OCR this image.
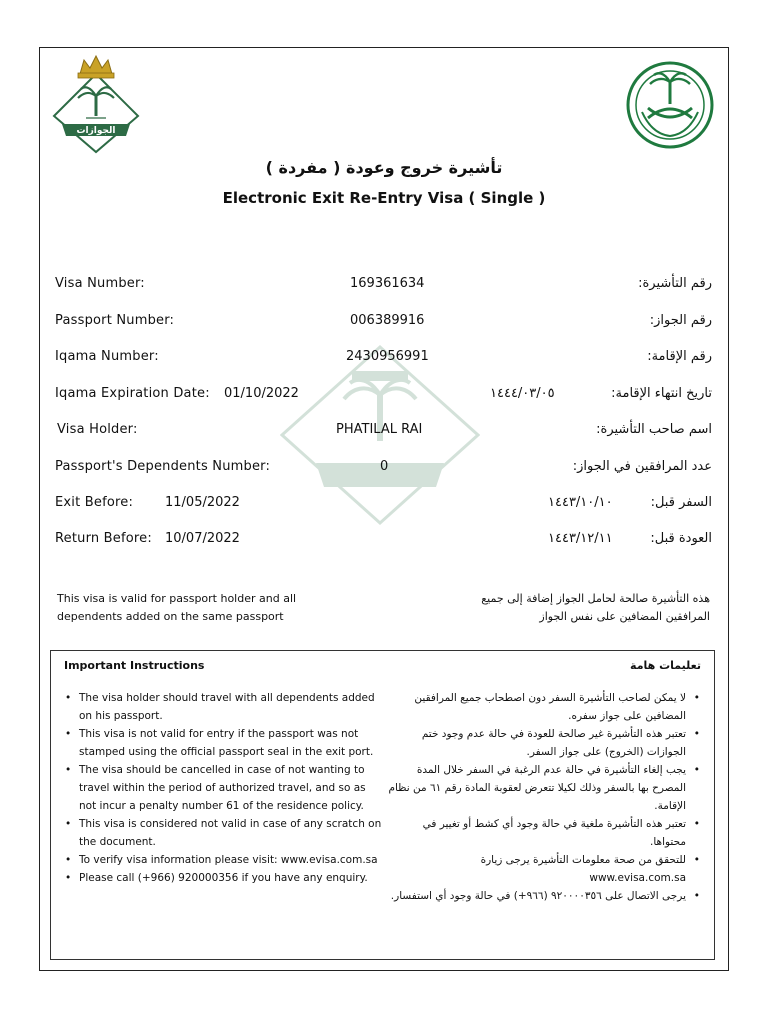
الجوازات
تأشيرة خروج وعودة ( مفردة )
Electronic Exit Re-Entry Visa ( Single )
Visa Number:	169361634	رقم التأشيرة:
Passport Number:	006389916	رقم الجواز:
Iqama Number:	2430956991	رقم الإقامة:
Iqama Expiration Date: 01/10/2022	١٤٤٤/٠٣/٠٥	تاريخ انتهاء الإقامة:
Visa Holder:	PHATILAL RAI	اسم صاحب التأشيرة:
Passport's Dependents Number:	0	عدد المرافقين في الجواز:
Exit Before: 11/05/2022	١٤٤٣/١٠/١٠	السفر قبل:
Return Before: 10/07/2022	١٤٤٣/١٢/١١	العودة قبل:
This visa is valid for passport holder and all
dependents added on the same passport
هذه التأشيرة صالحة لحامل الجواز إضافة إلى جميع
المرافقين المضافين على نفس الجواز
Important Instructions	تعليمات هامة
• The visa holder should travel with all dependents added on his passport.
• This visa is not valid for entry if the passport was not stamped using the official passport seal in the exit port.
• The visa should be cancelled in case of not wanting to travel within the period of authorized travel, and so as not incur a penalty number 61 of the residence policy.
• This visa is considered not valid in case of any scratch on the document.
• To verify visa information please visit: www.evisa.com.sa
• Please call (+966) 920000356 if you have any enquiry.
• لا يمكن لصاحب التأشيرة السفر دون اصطحاب جميع المرافقين المضافين على جواز سفره.
• تعتبر هذه التأشيرة غير صالحة للعودة في حالة عدم وجود ختم الجوازات (الخروج) على جواز السفر.
• يجب إلغاء التأشيرة في حالة عدم الرغبة في السفر خلال المدة المصرح بها بالسفر وذلك لكيلا تتعرض لعقوبة المادة رقم ٦١ من نظام الإقامة.
• تعتبر هذه التأشيرة ملغية في حالة وجود أي كشط أو تغيير في محتواها.
• للتحقق من صحة معلومات التأشيرة يرجى زيارة www.evisa.com.sa
• يرجى الاتصال على ٩٢٠٠٠٠٣٥٦ (٩٦٦+) في حالة وجود أي استفسار.
